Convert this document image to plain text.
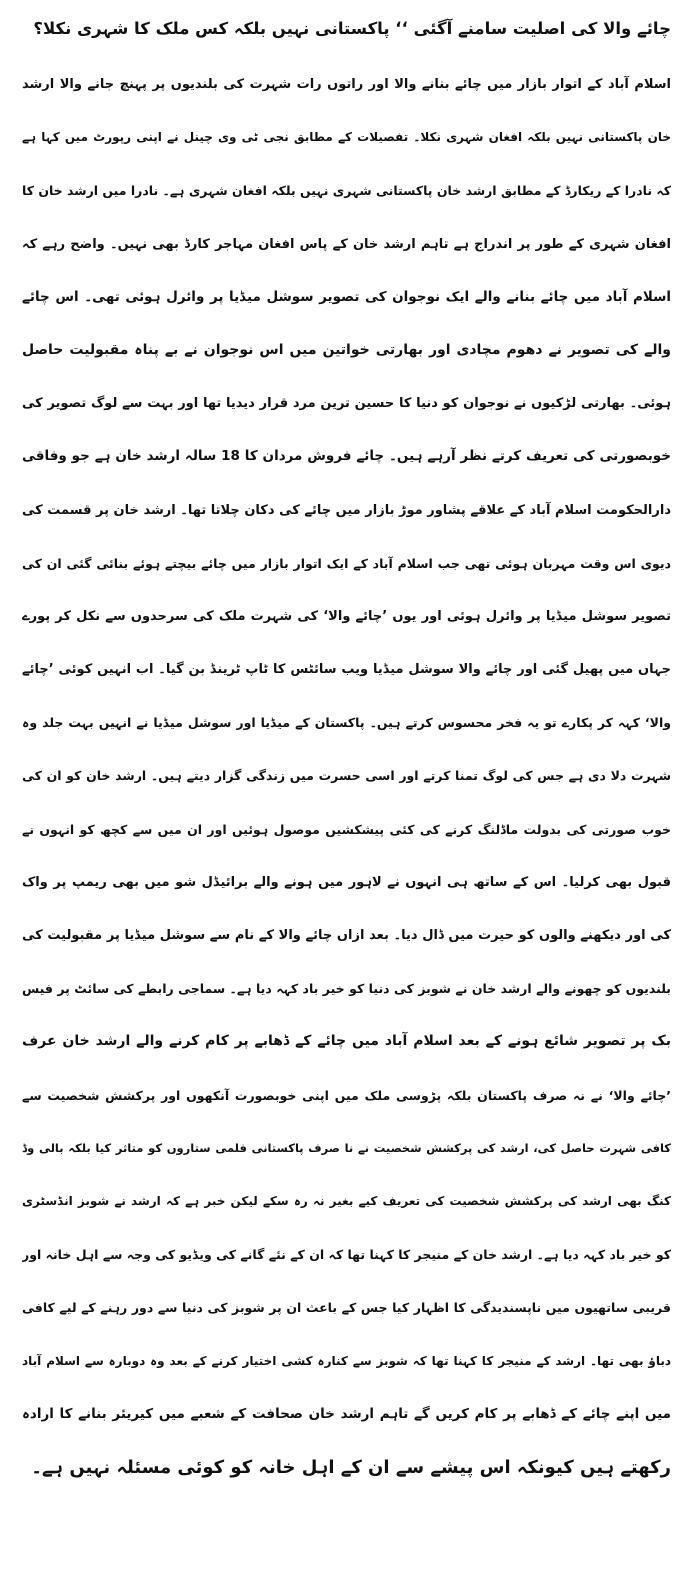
چائے والا کی اصلیت سامنے آگئی ‘‘ پاکستانی نہیں بلکہ کس ملک کا شہری نکلا؟
اسلام آباد کے اتوار بازار میں چائے بنانے والا اور راتوں رات شہرت کی بلندیوں پر پہنچ جانے والا ارشد
خان پاکستانی نہیں بلکہ افغان شہری نکلا۔ تفصیلات کے مطابق نجی ٹی وی چینل نے اپنی رپورٹ میں کہا ہے
کہ نادرا کے ریکارڈ کے مطابق ارشد خان پاکستانی شہری نہیں بلکہ افغان شہری ہے۔ نادرا میں ارشد خان کا
افغان شہری کے طور پر اندراج ہے تاہم ارشد خان کے پاس افغان مہاجر کارڈ بھی نہیں۔ واضح رہے کہ
اسلام آباد میں چائے بنانے والے ایک نوجوان کی تصویر سوشل میڈیا پر وائرل ہوئی تھی۔ اس چائے
والے کی تصویر نے دھوم مچادی اور بھارتی خواتین میں اس نوجوان نے بے پناہ مقبولیت حاصل
ہوئی۔ بھارتی لڑکیوں نے نوجوان کو دنیا کا حسین ترین مرد قرار دیدیا تھا اور بہت سے لوگ تصویر کی
خوبصورتی کی تعریف کرتے نظر آرہے ہیں۔ چائے فروش مردان کا 18 سالہ ارشد خان ہے جو وفاقی
دارالحکومت اسلام آباد کے علاقے پشاور موڑ بازار میں چائے کی دکان چلاتا تھا۔ ارشد خان پر قسمت کی
دیوی اس وقت مہربان ہوئی تھی جب اسلام آباد کے ایک اتوار بازار میں چائے بیچتے ہوئے بنائی گئی ان کی
تصویر سوشل میڈیا پر وائرل ہوئی اور یوں ’چائے والا‘ کی شہرت ملک کی سرحدوں سے نکل کر پورے
جہاں میں پھیل گئی اور چائے والا سوشل میڈیا ویب سائٹس کا ٹاپ ٹرینڈ بن گیا۔ اب انہیں کوئی ’چائے
والا‘ کہہ کر پکارے تو یہ فخر محسوس کرتے ہیں۔ پاکستان کے میڈیا اور سوشل میڈیا نے انہیں بہت جلد وہ
شہرت دلا دی ہے جس کی لوگ تمنا کرتے اور اسی حسرت میں زندگی گزار دیتے ہیں۔ ارشد خان کو ان کی
خوب صورتی کی بدولت ماڈلنگ کرنے کی کئی پیشکشیں موصول ہوئیں اور ان میں سے کچھ کو انہوں نے
قبول بھی کرلیا۔ اس کے ساتھ ہی انہوں نے لاہور میں ہونے والے برائیڈل شو میں بھی ریمپ پر واک
کی اور دیکھنے والوں کو حیرت میں ڈال دیا۔ بعد ازاں چائے والا کے نام سے سوشل میڈیا پر مقبولیت کی
بلندیوں کو چھونے والے ارشد خان نے شوبز کی دنیا کو خیر باد کہہ دیا ہے۔ سماجی رابطے کی سائٹ پر فیس
بک پر تصویر شائع ہونے کے بعد اسلام آباد میں چائے کے ڈھابے پر کام کرنے والے ارشد خان عرف
’چائے والا‘ نے نہ صرف پاکستان بلکہ پڑوسی ملک میں اپنی خوبصورت آنکھوں اور پرکشش شخصیت سے
کافی شہرت حاصل کی، ارشد کی پرکشش شخصیت نے نا صرف پاکستانی فلمی ستاروں کو متاثر کیا بلکہ بالی وڈ
کنگ بھی ارشد کی پرکشش شخصیت کی تعریف کیے بغیر نہ رہ سکے لیکن خبر ہے کہ ارشد نے شوبز انڈسٹری
کو خیر باد کہہ دیا ہے۔ ارشد خان کے منیجر کا کہنا تھا کہ ان کے نئے گانے کی ویڈیو کی وجہ سے اہل خانہ اور
قریبی ساتھیوں میں ناپسندیدگی کا اظہار کیا جس کے باعث ان پر شوبز کی دنیا سے دور رہنے کے لیے کافی
دباؤ بھی تھا۔ ارشد کے منیجر کا کہنا تھا کہ شوبز سے کنارہ کشی اختیار کرنے کے بعد وہ دوبارہ سے اسلام آباد
میں اپنے چائے کے ڈھابے پر کام کریں گے تاہم ارشد خان صحافت کے شعبے میں کیریئر بنانے کا ارادہ
رکھتے ہیں کیونکہ اس پیشے سے ان کے اہل خانہ کو کوئی مسئلہ نہیں ہے۔
